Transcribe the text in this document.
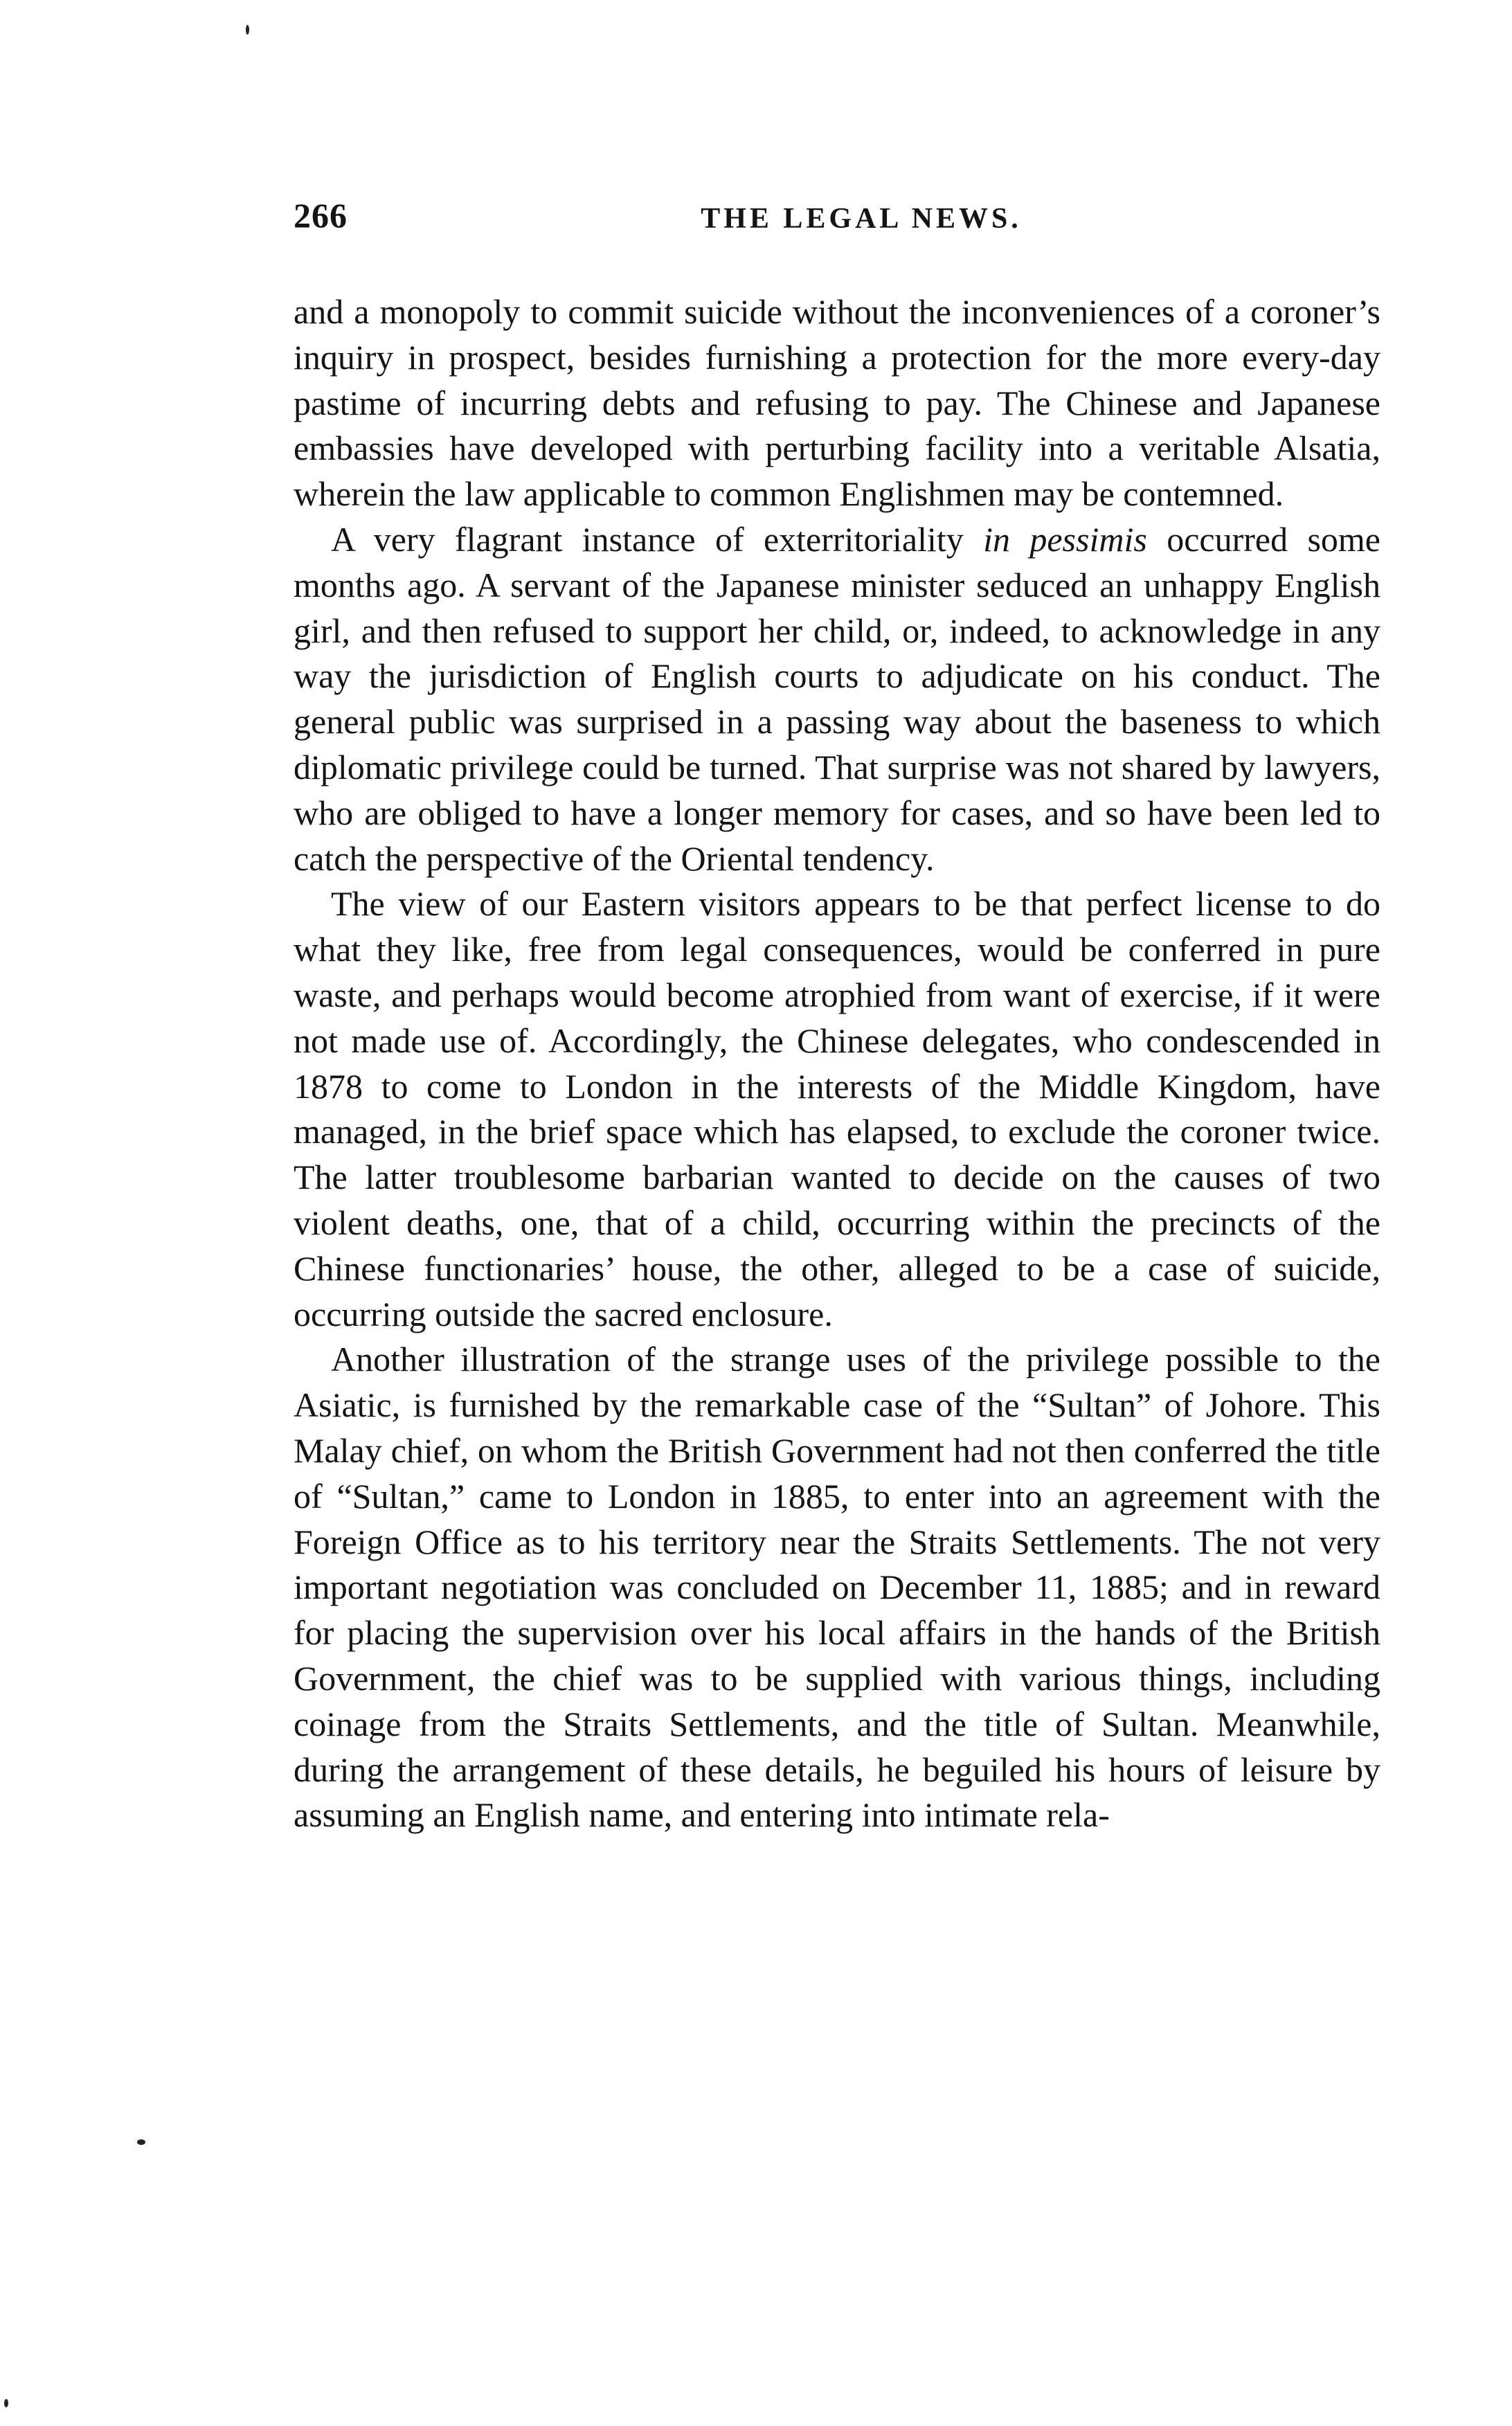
266	THE LEGAL NEWS.

and a monopoly to commit suicide without the inconveniences of a coroner’s inquiry in prospect, besides furnishing a protection for the more every-day pastime of incurring debts and refusing to pay. The Chinese and Japanese embassies have developed with perturbing facility into a veritable Alsatia, wherein the law applicable to common Englishmen may be contemned.

A very flagrant instance of exterritoriality in pessimis occurred some months ago. A servant of the Japanese minister seduced an unhappy English girl, and then refused to support her child, or, indeed, to acknowledge in any way the jurisdiction of English courts to adjudicate on his conduct. The general public was surprised in a passing way about the baseness to which diplomatic privilege could be turned. That surprise was not shared by lawyers, who are obliged to have a longer memory for cases, and so have been led to catch the perspective of the Oriental tendency.

The view of our Eastern visitors appears to be that perfect license to do what they like, free from legal consequences, would be conferred in pure waste, and perhaps would become atrophied from want of exercise, if it were not made use of. Accordingly, the Chinese delegates, who condescended in 1878 to come to London in the interests of the Middle Kingdom, have managed, in the brief space which has elapsed, to exclude the coroner twice. The latter troublesome barbarian wanted to decide on the causes of two violent deaths, one, that of a child, occurring within the precincts of the Chinese functionaries’ house, the other, alleged to be a case of suicide, occurring outside the sacred enclosure.

Another illustration of the strange uses of the privilege possible to the Asiatic, is furnished by the remarkable case of the “Sultan” of Johore. This Malay chief, on whom the British Government had not then conferred the title of “Sultan,” came to London in 1885, to enter into an agreement with the Foreign Office as to his territory near the Straits Settlements. The not very important negotiation was concluded on December 11, 1885; and in reward for placing the supervision over his local affairs in the hands of the British Government, the chief was to be supplied with various things, including coinage from the Straits Settlements, and the title of Sultan. Meanwhile, during the arrangement of these details, he beguiled his hours of leisure by assuming an English name, and entering into intimate rela-
